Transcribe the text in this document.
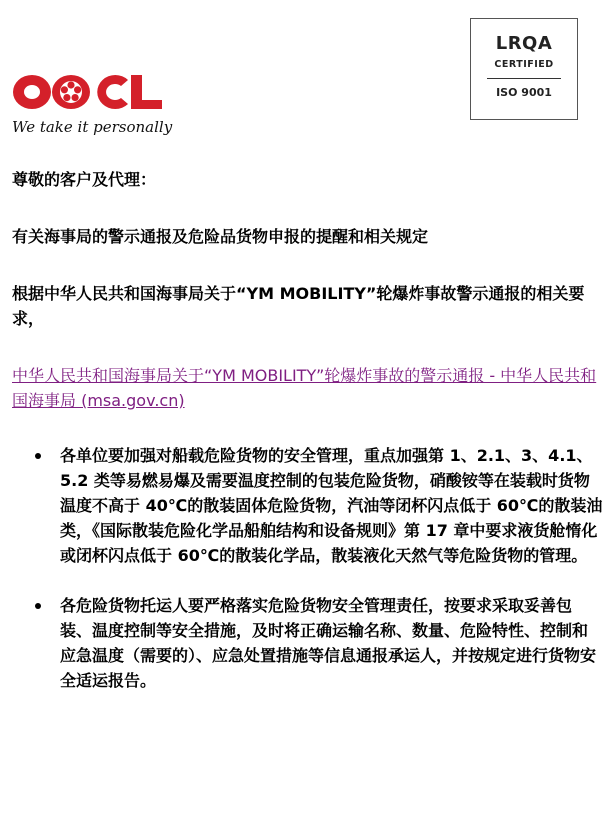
We take it personally
LRQA
CERTIFIED
ISO 9001
尊敬的客户及代理：
有关海事局的警示通报及危险品货物申报的提醒和相关规定
根据中华人民共和国海事局关于“YM MOBILITY”轮爆炸事故警示通报的相关要求，
中华人民共和国海事局关于“YM MOBILITY”轮爆炸事故的警示通报 - 中华人民共和国海事局 (msa.gov.cn)
各单位要加强对船载危险货物的安全管理，重点加强第 1、2.1、3、4.1、5.2 类等易燃易爆及需要温度控制的包装危险货物，硝酸铵等在装载时货物温度不高于 40℃的散装固体危险货物，汽油等闭杯闪点低于 60℃的散装油类，《国际散装危险化学品船舶结构和设备规则》第 17 章中要求液货舱惰化或闭杯闪点低于 60℃的散装化学品，散装液化天然气等危险货物的管理。
各危险货物托运人要严格落实危险货物安全管理责任，按要求采取妥善包装、温度控制等安全措施，及时将正确运输名称、数量、危险特性、控制和应急温度（需要的）、应急处置措施等信息通报承运人，并按规定进行货物安全适运报告。
